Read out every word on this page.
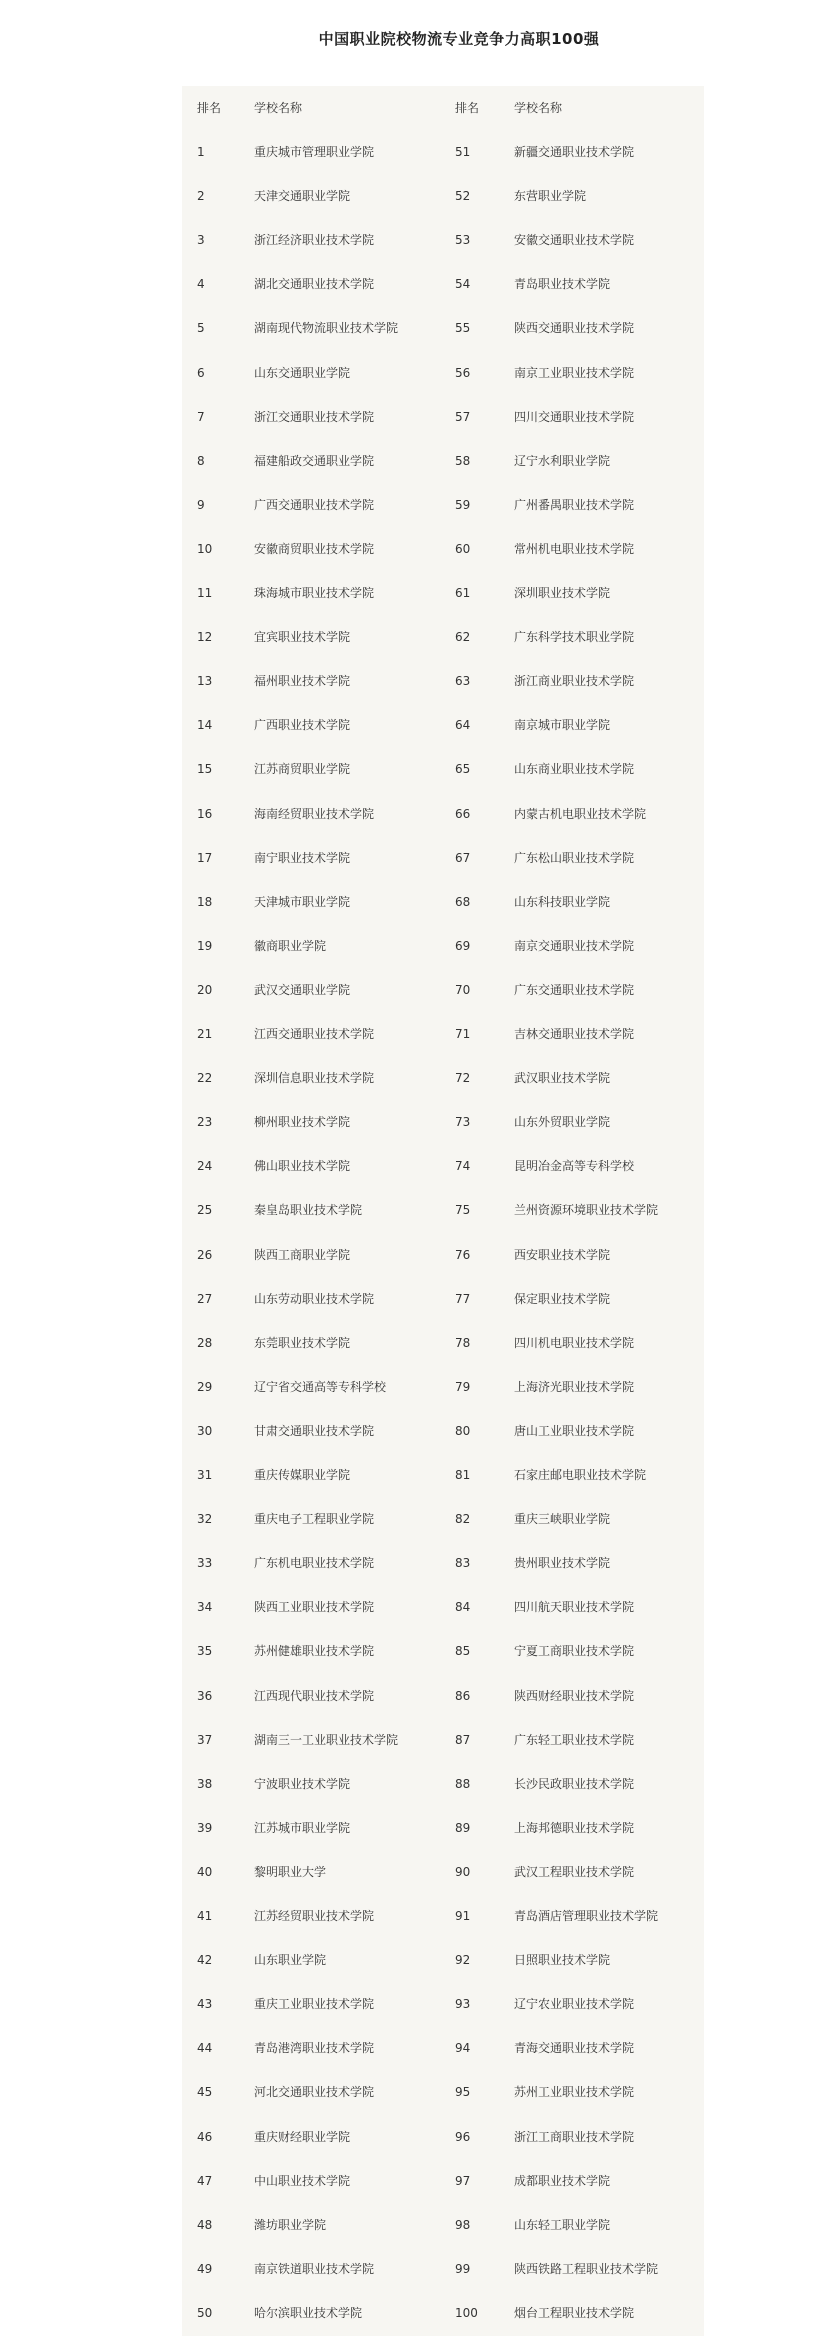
中国职业院校物流专业竞争力高职100强
排名	学校名称	排名	学校名称
1	重庆城市管理职业学院	51	新疆交通职业技术学院
2	天津交通职业学院	52	东营职业学院
3	浙江经济职业技术学院	53	安徽交通职业技术学院
4	湖北交通职业技术学院	54	青岛职业技术学院
5	湖南现代物流职业技术学院	55	陕西交通职业技术学院
6	山东交通职业学院	56	南京工业职业技术学院
7	浙江交通职业技术学院	57	四川交通职业技术学院
8	福建船政交通职业学院	58	辽宁水利职业学院
9	广西交通职业技术学院	59	广州番禺职业技术学院
10	安徽商贸职业技术学院	60	常州机电职业技术学院
11	珠海城市职业技术学院	61	深圳职业技术学院
12	宜宾职业技术学院	62	广东科学技术职业学院
13	福州职业技术学院	63	浙江商业职业技术学院
14	广西职业技术学院	64	南京城市职业学院
15	江苏商贸职业学院	65	山东商业职业技术学院
16	海南经贸职业技术学院	66	内蒙古机电职业技术学院
17	南宁职业技术学院	67	广东松山职业技术学院
18	天津城市职业学院	68	山东科技职业学院
19	徽商职业学院	69	南京交通职业技术学院
20	武汉交通职业学院	70	广东交通职业技术学院
21	江西交通职业技术学院	71	吉林交通职业技术学院
22	深圳信息职业技术学院	72	武汉职业技术学院
23	柳州职业技术学院	73	山东外贸职业学院
24	佛山职业技术学院	74	昆明冶金高等专科学校
25	秦皇岛职业技术学院	75	兰州资源环境职业技术学院
26	陕西工商职业学院	76	西安职业技术学院
27	山东劳动职业技术学院	77	保定职业技术学院
28	东莞职业技术学院	78	四川机电职业技术学院
29	辽宁省交通高等专科学校	79	上海济光职业技术学院
30	甘肃交通职业技术学院	80	唐山工业职业技术学院
31	重庆传媒职业学院	81	石家庄邮电职业技术学院
32	重庆电子工程职业学院	82	重庆三峡职业学院
33	广东机电职业技术学院	83	贵州职业技术学院
34	陕西工业职业技术学院	84	四川航天职业技术学院
35	苏州健雄职业技术学院	85	宁夏工商职业技术学院
36	江西现代职业技术学院	86	陕西财经职业技术学院
37	湖南三一工业职业技术学院	87	广东轻工职业技术学院
38	宁波职业技术学院	88	长沙民政职业技术学院
39	江苏城市职业学院	89	上海邦德职业技术学院
40	黎明职业大学	90	武汉工程职业技术学院
41	江苏经贸职业技术学院	91	青岛酒店管理职业技术学院
42	山东职业学院	92	日照职业技术学院
43	重庆工业职业技术学院	93	辽宁农业职业技术学院
44	青岛港湾职业技术学院	94	青海交通职业技术学院
45	河北交通职业技术学院	95	苏州工业职业技术学院
46	重庆财经职业学院	96	浙江工商职业技术学院
47	中山职业技术学院	97	成都职业技术学院
48	潍坊职业学院	98	山东轻工职业学院
49	南京铁道职业技术学院	99	陕西铁路工程职业技术学院
50	哈尔滨职业技术学院	100	烟台工程职业技术学院
